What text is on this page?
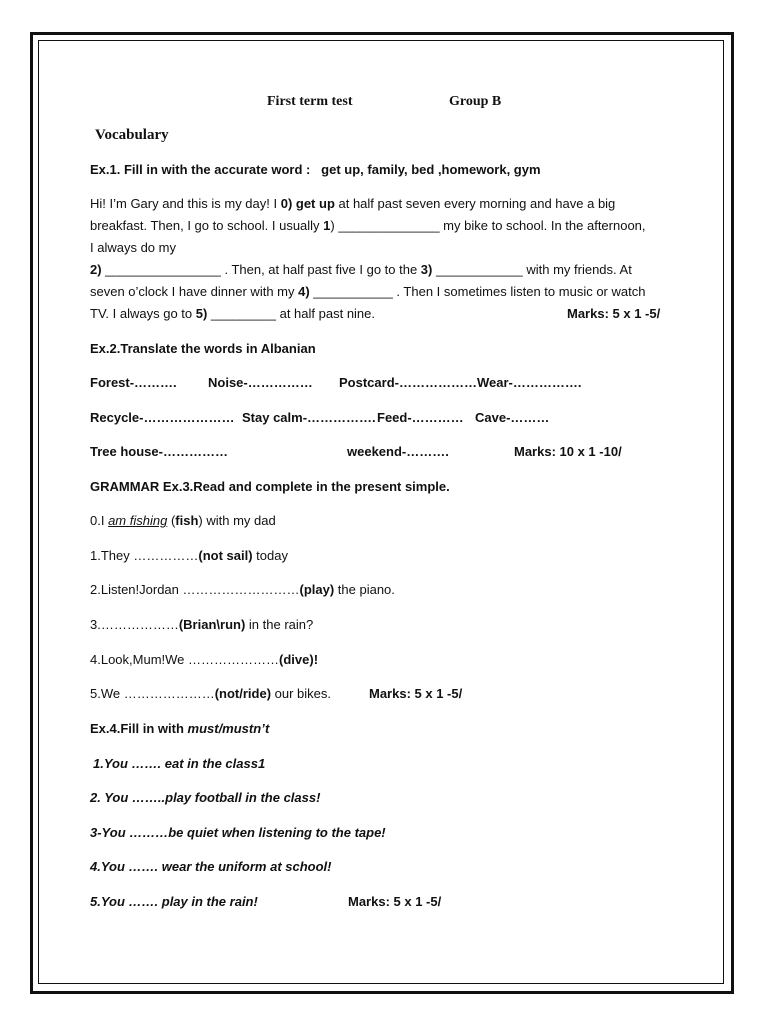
First term test	Group B
Vocabulary
Ex.1. Fill in with the accurate word : get up, family, bed ,homework, gym
Hi! I’m Gary and this is my day! I 0) get up at half past seven every morning and have a big
breakfast. Then, I go to school. I usually 1) ______________ my bike to school. In the afternoon,
I always do my
2) ________________ . Then, at half past five I go to the 3) ____________ with my friends. At
seven o’clock I have dinner with my 4) ___________ . Then I sometimes listen to music or watch
TV. I always go to 5) _________ at half past nine.	Marks: 5 x 1 -5/
Ex.2.Translate the words in Albanian
Forest-………. Noise-…………… Postcard-……………… Wear-…………….
Recycle-………………… Stay calm-……………. Feed-………… Cave-………
Tree house-……………	weekend-……….	Marks: 10 x 1 -10/
GRAMMAR Ex.3.Read and complete in the present simple.
0.I am fishing (fish) with my dad
1.They ……………(not sail) today
2.Listen!Jordan ………………………(play) the piano.
3.………………(Brian\run) in the rain?
4.Look,Mum!We …………………(dive)!
5.We …………………(not/ride) our bikes.	Marks: 5 x 1 -5/
Ex.4.Fill in with must/mustn’t
1.You ……. eat in the class1
2. You ……..play football in the class!
3-You ………be quiet when listening to the tape!
4.You ……. wear the uniform at school!
5.You ……. play in the rain!	Marks: 5 x 1 -5/
